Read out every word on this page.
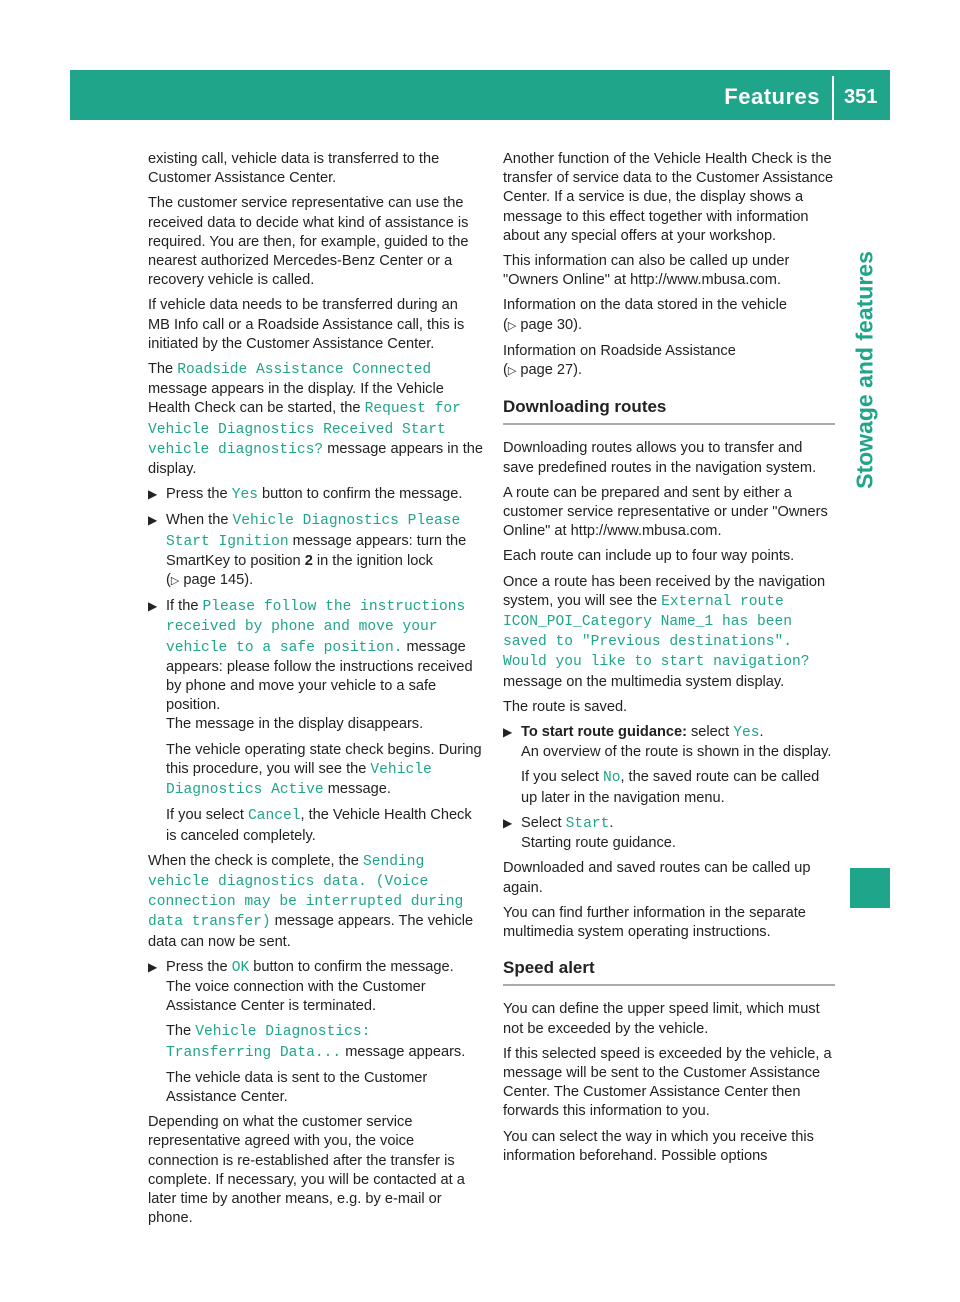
Features 351
Stowage and features

existing call, vehicle data is transferred to the Customer Assistance Center.

The customer service representative can use the received data to decide what kind of assistance is required. You are then, for example, guided to the nearest authorized Mercedes-Benz Center or a recovery vehicle is called.

If vehicle data needs to be transferred during an MB Info call or a Roadside Assistance call, this is initiated by the Customer Assistance Center.

The Roadside Assistance Connected message appears in the display. If the Vehicle Health Check can be started, the Request for Vehicle Diagnostics Received Start vehicle diagnostics? message appears in the display.

▶ Press the Yes button to confirm the message.
▶ When the Vehicle Diagnostics Please Start Ignition message appears: turn the SmartKey to position 2 in the ignition lock
(▷ page 145).
▶ If the Please follow the instructions received by phone and move your vehicle to a safe position. message appears: please follow the instructions received by phone and move your vehicle to a safe position.
The message in the display disappears.

The vehicle operating state check begins. During this procedure, you will see the Vehicle Diagnostics Active message.

If you select Cancel, the Vehicle Health Check is canceled completely.

When the check is complete, the Sending vehicle diagnostics data. (Voice connection may be interrupted during data transfer) message appears. The vehicle data can now be sent.

▶ Press the OK button to confirm the message.
The voice connection with the Customer Assistance Center is terminated.

The Vehicle Diagnostics: Transferring Data... message appears.

The vehicle data is sent to the Customer Assistance Center.

Depending on what the customer service representative agreed with you, the voice connection is re-established after the transfer is complete. If necessary, you will be contacted at a later time by another means, e.g. by e-mail or phone.

Another function of the Vehicle Health Check is the transfer of service data to the Customer Assistance Center. If a service is due, the display shows a message to this effect together with information about any special offers at your workshop.

This information can also be called up under "Owners Online" at http://www.mbusa.com.

Information on the data stored in the vehicle
(▷ page 30).

Information on Roadside Assistance
(▷ page 27).

Downloading routes

Downloading routes allows you to transfer and save predefined routes in the navigation system.

A route can be prepared and sent by either a customer service representative or under "Owners Online" at http://www.mbusa.com.

Each route can include up to four way points.

Once a route has been received by the navigation system, you will see the External route ICON_POI_Category Name_1 has been saved to "Previous destinations". Would you like to start navigation? message on the multimedia system display.

The route is saved.

▶ To start route guidance: select Yes.
An overview of the route is shown in the display.

If you select No, the saved route can be called up later in the navigation menu.

▶ Select Start.
Starting route guidance.

Downloaded and saved routes can be called up again.

You can find further information in the separate multimedia system operating instructions.

Speed alert

You can define the upper speed limit, which must not be exceeded by the vehicle.

If this selected speed is exceeded by the vehicle, a message will be sent to the Customer Assistance Center. The Customer Assistance Center then forwards this information to you.

You can select the way in which you receive this information beforehand. Possible options
